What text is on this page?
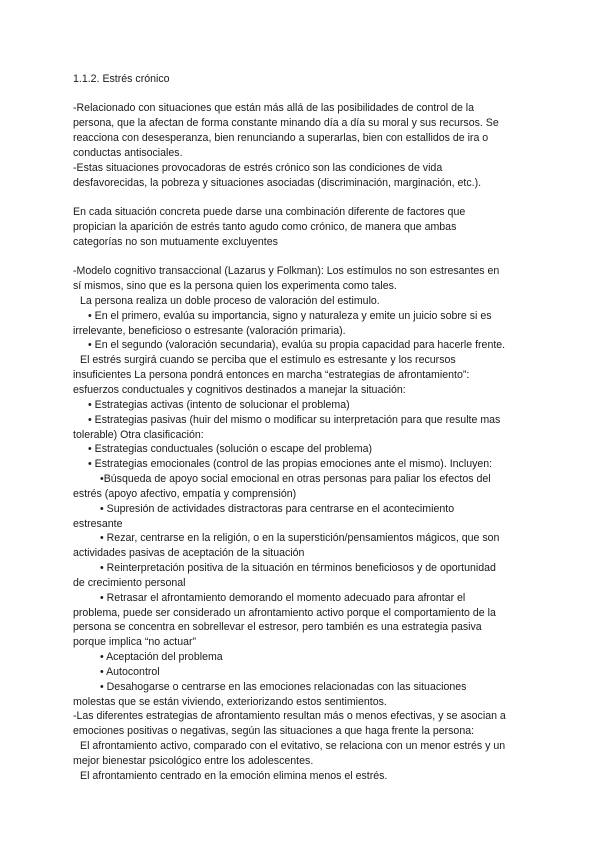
1.1.2. Estrés crónico
-Relacionado con situaciones que están más allá de las posibilidades de control de la
persona, que la afectan de forma constante minando día a día su moral y sus recursos. Se
reacciona con desesperanza, bien renunciando a superarlas, bien con estallidos de ira o
conductas antisociales.
-Estas situaciones provocadoras de estrés crónico son las condiciones de vida
desfavorecidas, la pobreza y situaciones asociadas (discriminación, marginación, etc.).
En cada situación concreta puede darse una combinación diferente de factores que
propician la aparición de estrés tanto agudo como crónico, de manera que ambas
categorías no son mutuamente excluyentes
-Modelo cognitivo transaccional (Lazarus y Folkman): Los estímulos no son estresantes en
sí mismos, sino que es la persona quien los experimenta como tales.
La persona realiza un doble proceso de valoración del estimulo.
• En el primero, evalúa su importancia, signo y naturaleza y emite un juicio sobre si es
irrelevante, beneficioso o estresante (valoración primaria).
• En el segundo (valoración secundaria), evalúa su propia capacidad para hacerle frente.
El estrés surgirá cuando se perciba que el estímulo es estresante y los recursos
insuficientes La persona pondrá entonces en marcha “estrategias de afrontamiento”:
esfuerzos conductuales y cognitivos destinados a manejar la situación:
• Estrategias activas (intento de solucionar el problema)
• Estrategias pasivas (huir del mismo o modificar su interpretación para que resulte mas
tolerable) Otra clasificación:
• Estrategias conductuales (solución o escape del problema)
• Estrategias emocionales (control de las propias emociones ante el mismo). Incluyen:
•Búsqueda de apoyo social emocional en otras personas para paliar los efectos del
estrés (apoyo afectivo, empatía y comprensión)
• Supresión de actividades distractoras para centrarse en el acontecimiento
estresante
• Rezar, centrarse en la religión, o en la superstición/pensamientos mágicos, que son
actividades pasivas de aceptación de la situación
• Reinterpretación positiva de la situación en términos beneficiosos y de oportunidad
de crecimiento personal
• Retrasar el afrontamiento demorando el momento adecuado para afrontar el
problema, puede ser considerado un afrontamiento activo porque el comportamiento de la
persona se concentra en sobrellevar el estresor, pero también es una estrategia pasiva
porque implica “no actuar”
• Aceptación del problema
• Autocontrol
• Desahogarse o centrarse en las emociones relacionadas con las situaciones
molestas que se están viviendo, exteriorizando estos sentimientos.
-Las diferentes estrategias de afrontamiento resultan más o menos efectivas, y se asocian a
emociones positivas o negativas, según las situaciones a que haga frente la persona:
El afrontamiento activo, comparado con el evitativo, se relaciona con un menor estrés y un
mejor bienestar psicológico entre los adolescentes.
El afrontamiento centrado en la emoción elimina menos el estrés.
